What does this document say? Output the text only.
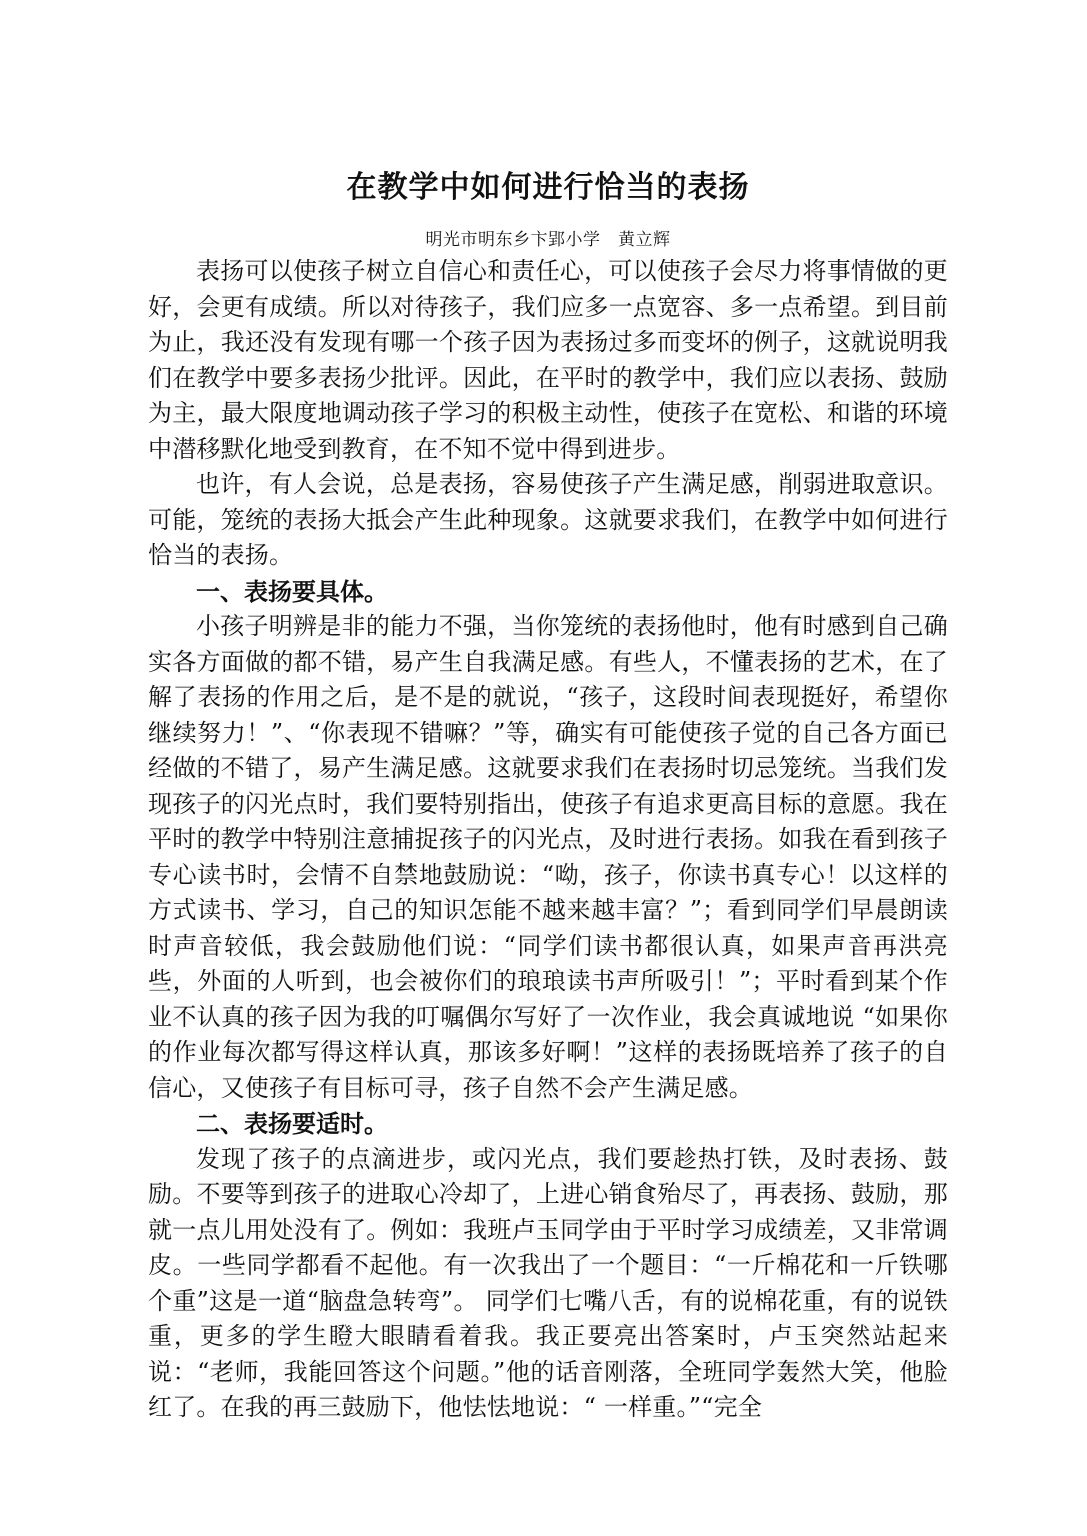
在教学中如何进行恰当的表扬
明光市明东乡卞郢小学　黄立辉

表扬可以使孩子树立自信心和责任心，可以使孩子会尽力将事情做的更好，会更有成绩。所以对待孩子，我们应多一点宽容、多一点希望。到目前为止，我还没有发现有哪一个孩子因为表扬过多而变坏的例子，这就说明我们在教学中要多表扬少批评。因此，在平时的教学中，我们应以表扬、鼓励为主，最大限度地调动孩子学习的积极主动性，使孩子在宽松、和谐的环境中潜移默化地受到教育，在不知不觉中得到进步。

也许，有人会说，总是表扬，容易使孩子产生满足感，削弱进取意识。可能，笼统的表扬大抵会产生此种现象。这就要求我们，在教学中如何进行恰当的表扬。

一、表扬要具体。

小孩子明辨是非的能力不强，当你笼统的表扬他时，他有时感到自己确实各方面做的都不错，易产生自我满足感。有些人，不懂表扬的艺术，在了解了表扬的作用之后，是不是的就说，“孩子，这段时间表现挺好，希望你继续努力！”、“你表现不错嘛？”等，确实有可能使孩子觉的自己各方面已经做的不错了，易产生满足感。这就要求我们在表扬时切忌笼统。当我们发现孩子的闪光点时，我们要特别指出，使孩子有追求更高目标的意愿。我在平时的教学中特别注意捕捉孩子的闪光点，及时进行表扬。如我在看到孩子专心读书时，会情不自禁地鼓励说：“呦，孩子，你读书真专心！以这样的方式读书、学习，自己的知识怎能不越来越丰富？”；看到同学们早晨朗读时声音较低，我会鼓励他们说：“同学们读书都很认真，如果声音再洪亮些，外面的人听到，也会被你们的琅琅读书声所吸引！”；平时看到某个作业不认真的孩子因为我的叮嘱偶尔写好了一次作业，我会真诚地说 “如果你的作业每次都写得这样认真，那该多好啊！”这样的表扬既培养了孩子的自信心，又使孩子有目标可寻，孩子自然不会产生满足感。

二、表扬要适时。

发现了孩子的点滴进步，或闪光点，我们要趁热打铁，及时表扬、鼓励。不要等到孩子的进取心冷却了，上进心销食殆尽了，再表扬、鼓励，那就一点儿用处没有了。例如：我班卢玉同学由于平时学习成绩差，又非常调皮。一些同学都看不起他。有一次我出了一个题目：“一斤棉花和一斤铁哪个重”这是一道“脑盘急转弯”。 同学们七嘴八舌，有的说棉花重，有的说铁重，更多的学生瞪大眼睛看着我。我正要亮出答案时，卢玉突然站起来说：“老师，我能回答这个问题。”他的话音刚落，全班同学轰然大笑，他脸红了。在我的再三鼓励下，他怯怯地说：“ 一样重。”“完全
